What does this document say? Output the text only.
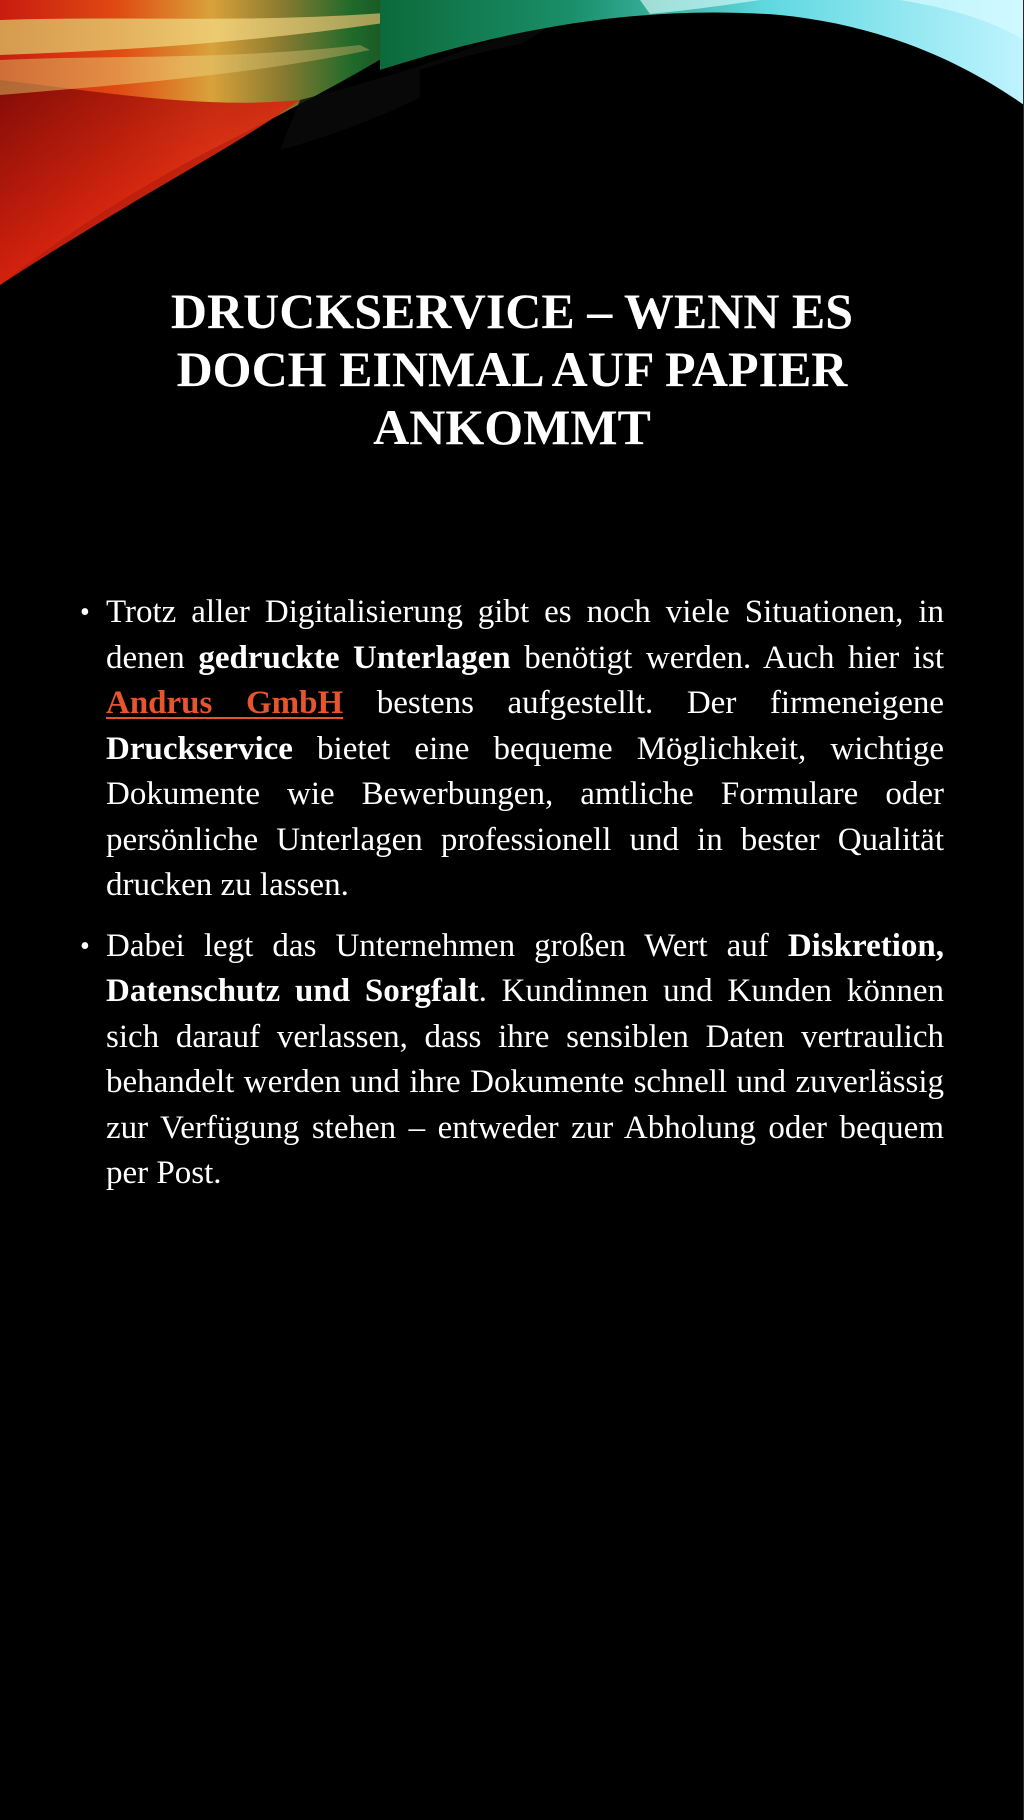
DRUCKSERVICE – WENN ES DOCH EINMAL AUF PAPIER ANKOMMT
• Trotz aller Digitalisierung gibt es noch viele Situationen, in denen gedruckte Unterlagen benötigt werden. Auch hier ist Andrus GmbH bestens aufgestellt. Der firmeneigene Druckservice bietet eine bequeme Möglichkeit, wichtige Dokumente wie Bewerbungen, amtliche Formulare oder persönliche Unterlagen professionell und in bester Qualität drucken zu lassen.
• Dabei legt das Unternehmen großen Wert auf Diskretion, Datenschutz und Sorgfalt. Kundinnen und Kunden können sich darauf verlassen, dass ihre sensiblen Daten vertraulich behandelt werden und ihre Dokumente schnell und zuverlässig zur Verfügung stehen – entweder zur Abholung oder bequem per Post.
